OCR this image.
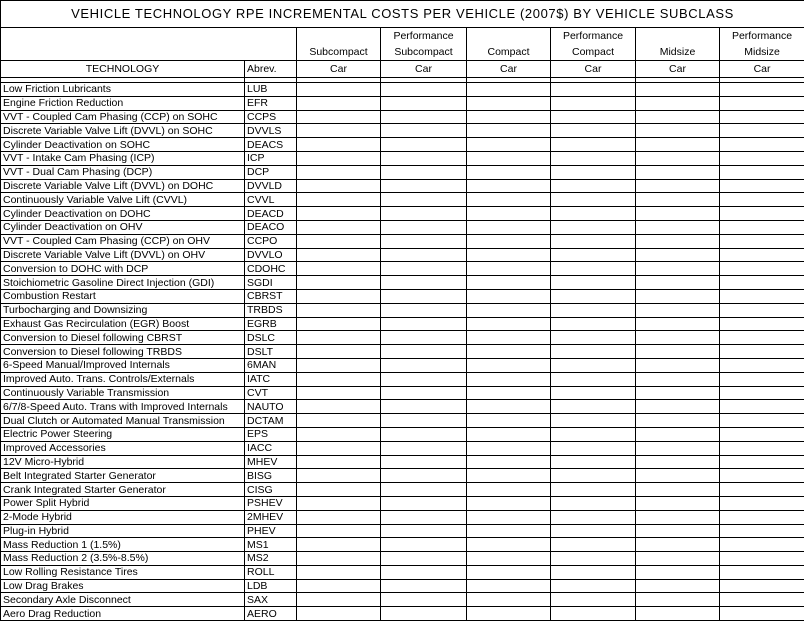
VEHICLE TECHNOLOGY RPE INCREMENTAL COSTS PER VEHICLE (2007$) BY VEHICLE SUBCLASS							
			Performance		Performance		Performance
		Subcompact	Subcompact	Compact	Compact	Midsize	Midsize
TECHNOLOGY	Abrev.	Car	Car	Car	Car	Car	Car

Low Friction Lubricants	LUB						
Engine Friction Reduction	EFR						
VVT - Coupled Cam Phasing (CCP) on SOHC	CCPS						
Discrete Variable Valve Lift (DVVL) on SOHC	DVVLS						
Cylinder Deactivation on SOHC	DEACS						
VVT - Intake Cam Phasing (ICP)	ICP						
VVT - Dual Cam Phasing (DCP)	DCP						
Discrete Variable Valve Lift (DVVL) on DOHC	DVVLD						
Continuously Variable Valve Lift (CVVL)	CVVL						
Cylinder Deactivation on DOHC	DEACD						
Cylinder Deactivation on OHV	DEACO						
VVT - Coupled Cam Phasing (CCP) on OHV	CCPO						
Discrete Variable Valve Lift (DVVL) on OHV	DVVLO						
Conversion to DOHC with DCP	CDOHC						
Stoichiometric Gasoline Direct Injection (GDI)	SGDI						
Combustion Restart	CBRST						
Turbocharging and Downsizing	TRBDS						
Exhaust Gas Recirculation (EGR) Boost	EGRB						
Conversion to Diesel following CBRST	DSLC						
Conversion to Diesel following TRBDS	DSLT						
6-Speed Manual/Improved Internals	6MAN						
Improved Auto. Trans. Controls/Externals	IATC						
Continuously Variable Transmission	CVT						
6/7/8-Speed Auto. Trans with Improved Internals	NAUTO						
Dual Clutch or Automated Manual Transmission	DCTAM						
Electric Power Steering	EPS						
Improved Accessories	IACC						
12V Micro-Hybrid	MHEV						
Belt Integrated Starter Generator	BISG						
Crank Integrated Starter Generator	CISG						
Power Split Hybrid	PSHEV						
2-Mode Hybrid	2MHEV						
Plug-in Hybrid	PHEV						
Mass Reduction 1 (1.5%)	MS1						
Mass Reduction 2 (3.5%-8.5%)	MS2						
Low Rolling Resistance Tires	ROLL						
Low Drag Brakes	LDB						
Secondary Axle Disconnect	SAX						
Aero Drag Reduction	AERO						
